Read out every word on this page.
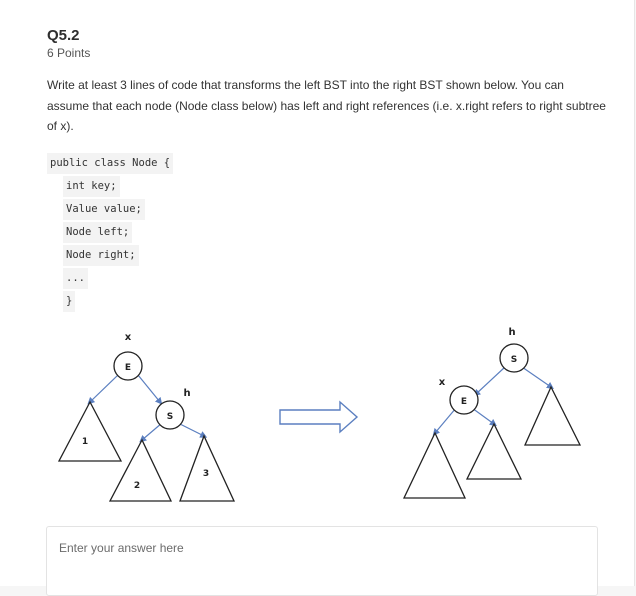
Q5.2
6 Points
Write at least 3 lines of code that transforms the left BST into the right BST shown below. You can assume that each node (Node class below) has left and right references (i.e. x.right refers to right subtree of x).
public class Node {
int key;
Value value;
Node left;
Node right;
...
}
x
E
1
h
S
2
3
h
S
x
E
Enter your answer here
